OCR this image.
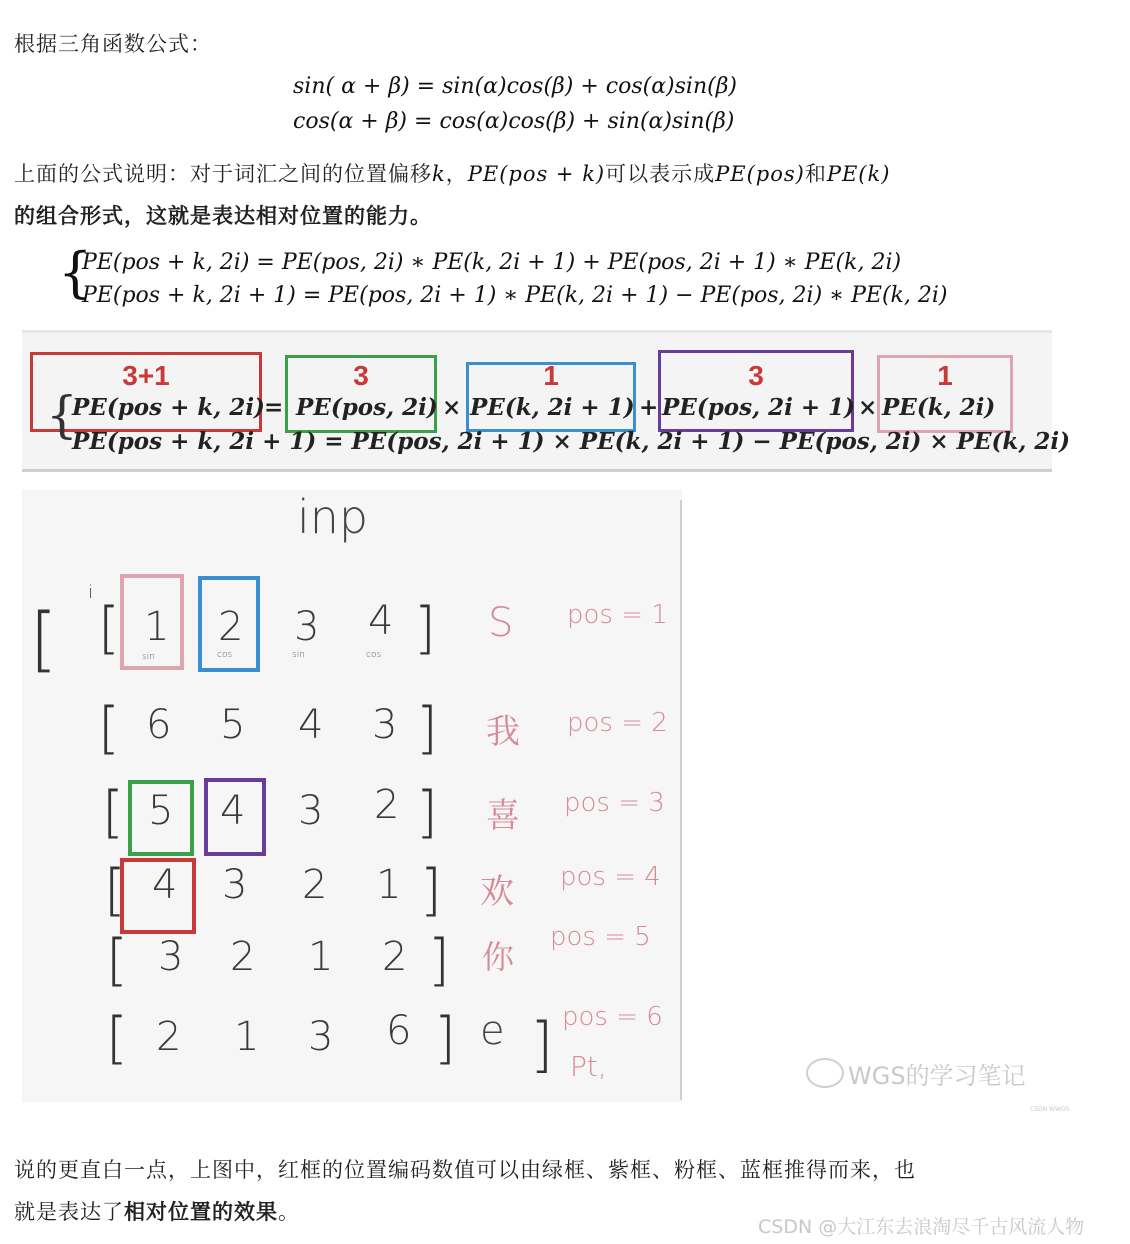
根据三角函数公式：
sin( α + β) = sin(α)cos(β) + cos(α)sin(β)
cos(α + β) = cos(α)cos(β) + sin(α)sin(β)
上面的公式说明：对于词汇之间的位置偏移k，PE(pos + k)可以表示成PE(pos)和PE(k)
的组合形式，这就是表达相对位置的能力。
{
PE(pos + k, 2i) = PE(pos, 2i) ∗ PE(k, 2i + 1) + PE(pos, 2i + 1) ∗ PE(k, 2i)
PE(pos + k, 2i + 1) = PE(pos, 2i + 1) ∗ PE(k, 2i + 1) − PE(pos, 2i) ∗ PE(k, 2i)
3+1	3	1	3	1
{
PE(pos + k, 2i) = PE(pos, 2i) × PE(k, 2i + 1) + PE(pos, 2i + 1) × PE(k, 2i)
PE(pos + k, 2i + 1) = PE(pos, 2i + 1) × PE(k, 2i + 1) − PE(pos, 2i) × PE(k, 2i)
inp
[
i
[ 1 2 3 4 ] S pos = 1
sin	cos	sin	cos
[ 6 5 4 3 ] 我 pos = 2
[ 5 4 3 2 ] 喜 pos = 3
[ 4 3 2 1 ] 欢 pos = 4
[ 3 2 1 2 ] 你
pos = 5
[ 2 1 3 6 ] e ] pos = 6
Pt,	WGS的学习笔记
CSDN WWGS
说的更直白一点，上图中，红框的位置编码数值可以由绿框、紫框、粉框、蓝框推得而来，也
就是表达了相对位置的效果。
CSDN @大江东去浪淘尽千古风流人物
